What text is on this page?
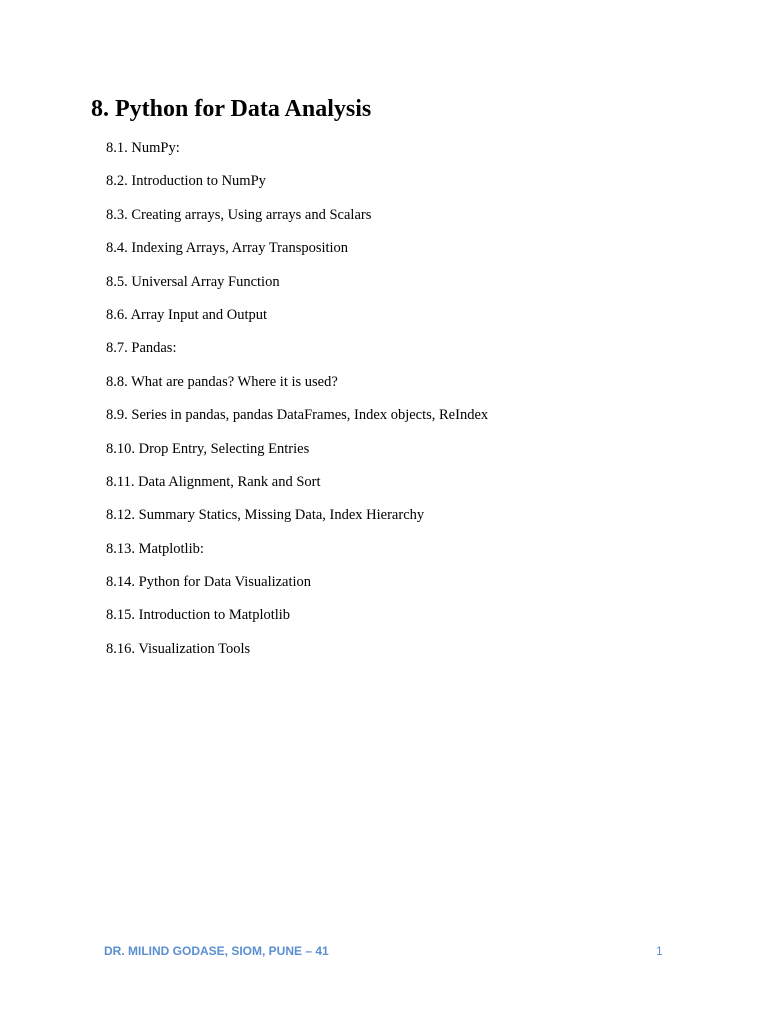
8. Python for Data Analysis
8.1. NumPy:
8.2. Introduction to NumPy
8.3. Creating arrays, Using arrays and Scalars
8.4. Indexing Arrays, Array Transposition
8.5. Universal Array Function
8.6. Array Input and Output
8.7. Pandas:
8.8. What are pandas? Where it is used?
8.9. Series in pandas, pandas DataFrames, Index objects, ReIndex
8.10. Drop Entry, Selecting Entries
8.11. Data Alignment, Rank and Sort
8.12. Summary Statics, Missing Data, Index Hierarchy
8.13. Matplotlib:
8.14. Python for Data Visualization
8.15. Introduction to Matplotlib
8.16. Visualization Tools
DR. MILIND GODASE, SIOM, PUNE – 41	1
